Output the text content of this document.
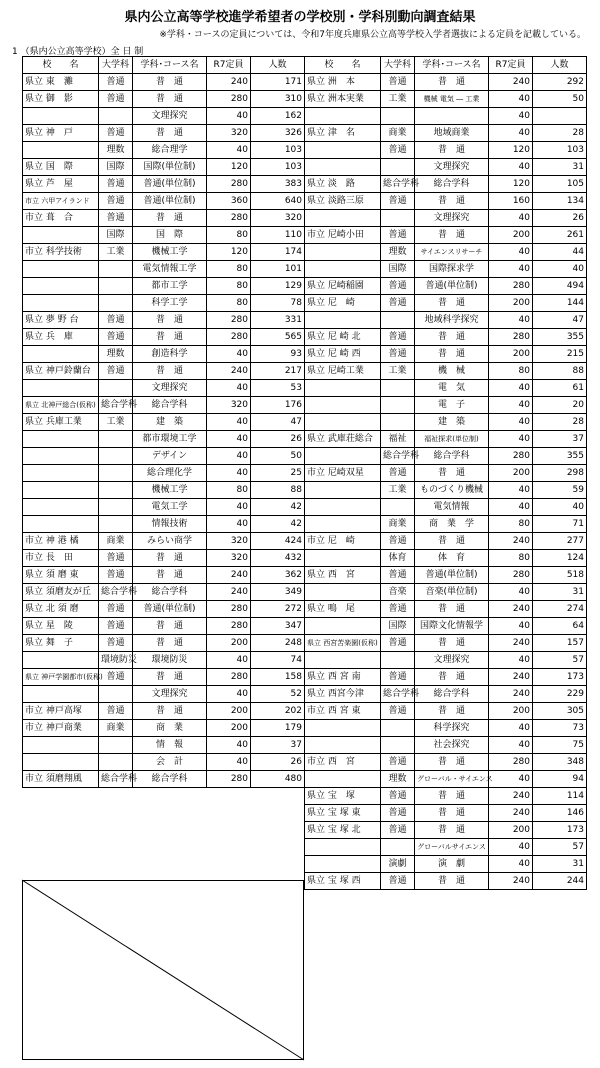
県内公立高等学校進学希望者の学校別・学科別動向調査結果
※学科・コースの定員については、令和7年度兵庫県公立高等学校入学者選抜による定員を記載している。
1 （県内公立高等学校）全 日 制
校　　名	大学科	学科･コース名	R7定員	人数
県立 東　灘	普通	普　通	240	171
県立 御　影	普通	普　通	280	310
		文理探究	40	162
県立 神　戸	普通	普　通	320	326
	理数	総合理学	40	103
県立 国　際	国際	国際(単位制)	120	103
県立 芦　屋	普通	普通(単位制)	280	383
市立 六甲アイランド	普通	普通(単位制)	360	640
市立 葺　合	普通	普　通	280	320
	国際	国　際	80	110
市立 科学技術	工業	機械工学	120	174
		電気情報工学	80	101
		都市工学	80	129
		科学工学	80	78
県立 夢 野 台	普通	普　通	280	331
県立 兵　庫	普通	普　通	280	565
	理数	創造科学	40	93
県立 神戸鈴蘭台	普通	普　通	240	217
		文理探究	40	53
県立 北神戸総合(仮称)	総合学科	総合学科	320	176
県立 兵庫工業	工業	建　築	40	47
		都市環境工学	40	26
		デザイン	40	50
		総合理化学	40	25
		機械工学	80	88
		電気工学	40	42
		情報技術	40	42
市立 神 港 橘	商業	みらい商学	320	424
市立 長　田	普通	普　通	320	432
県立 須 磨 東	普通	普　通	240	362
県立 須磨友が丘	総合学科	総合学科	240	349
県立 北 須 磨	普通	普通(単位制)	280	272
県立 星　陵	普通	普　通	280	347
県立 舞　子	普通	普　通	200	248
	環境防災	環境防災	40	74
県立 神戸学園都市(仮称)	普通	普　通	280	158
		文理探究	40	52
市立 神戸高塚	普通	普　通	200	202
市立 神戸商業	商業	商　業	200	179
		情　報	40	37
		会　計	40	26
市立 須磨翔風	総合学科	総合学科	280	480
校　　名	大学科	学科･コース名	R7定員	人数
県立 洲　本	普通	普　通	240	292
県立 洲本実業	工業	機械 電気 ― 工業	40	50
			40	
県立 津　名	商業	地域商業	40	28
	普通	普　通	120	103
		文理探究	40	31
県立 淡　路	総合学科	総合学科	120	105
県立 淡路三原	普通	普　通	160	134
		文理探究	40	26
市立 尼崎小田	普通	普　通	200	261
	理数	サイエンスリサーチ	40	44
	国際	国際探求学	40	40
県立 尼崎稲園	普通	普通(単位制)	280	494
県立 尼　崎	普通	普　通	200	144
		地域科学探究	40	47
県立 尼 崎 北	普通	普　通	280	355
県立 尼 崎 西	普通	普　通	200	215
県立 尼崎工業	工業	機　械	80	88
		電　気	40	61
		電　子	40	20
		建　築	40	28
県立 武庫荘総合	福祉	福祉探求(単位制)	40	37
	総合学科	総合学科	280	355
市立 尼崎双星	普通	普　通	200	298
	工業	ものづくり機械	40	59
		電気情報	40	40
	商業	商　業　学	80	71
市立 尼　崎	普通	普　通	240	277
	体育	体　育	80	124
県立 西　宮	普通	普通(単位制)	280	518
	音楽	音楽(単位制)	40	31
県立 鳴　尾	普通	普　通	240	274
	国際	国際文化情報学	40	64
県立 西宮苦楽園(仮称)	普通	普　通	240	157
		文理探究	40	57
県立 西 宮 南	普通	普　通	240	173
県立 西宮今津	総合学科	総合学科	240	229
市立 西 宮 東	普通	普　通	200	305
		科学探究	40	73
		社会探究	40	75
市立 西　宮	普通	普　通	280	348
	理数	グローバル・サイエンス	40	94
県立 宝　塚	普通	普　通	240	114
県立 宝 塚 東	普通	普　通	240	146
県立 宝 塚 北	普通	普　通	200	173
		グローバルサイエンス	40	57
	演劇	演　劇	40	31
県立 宝 塚 西	普通	普　通	240	244
